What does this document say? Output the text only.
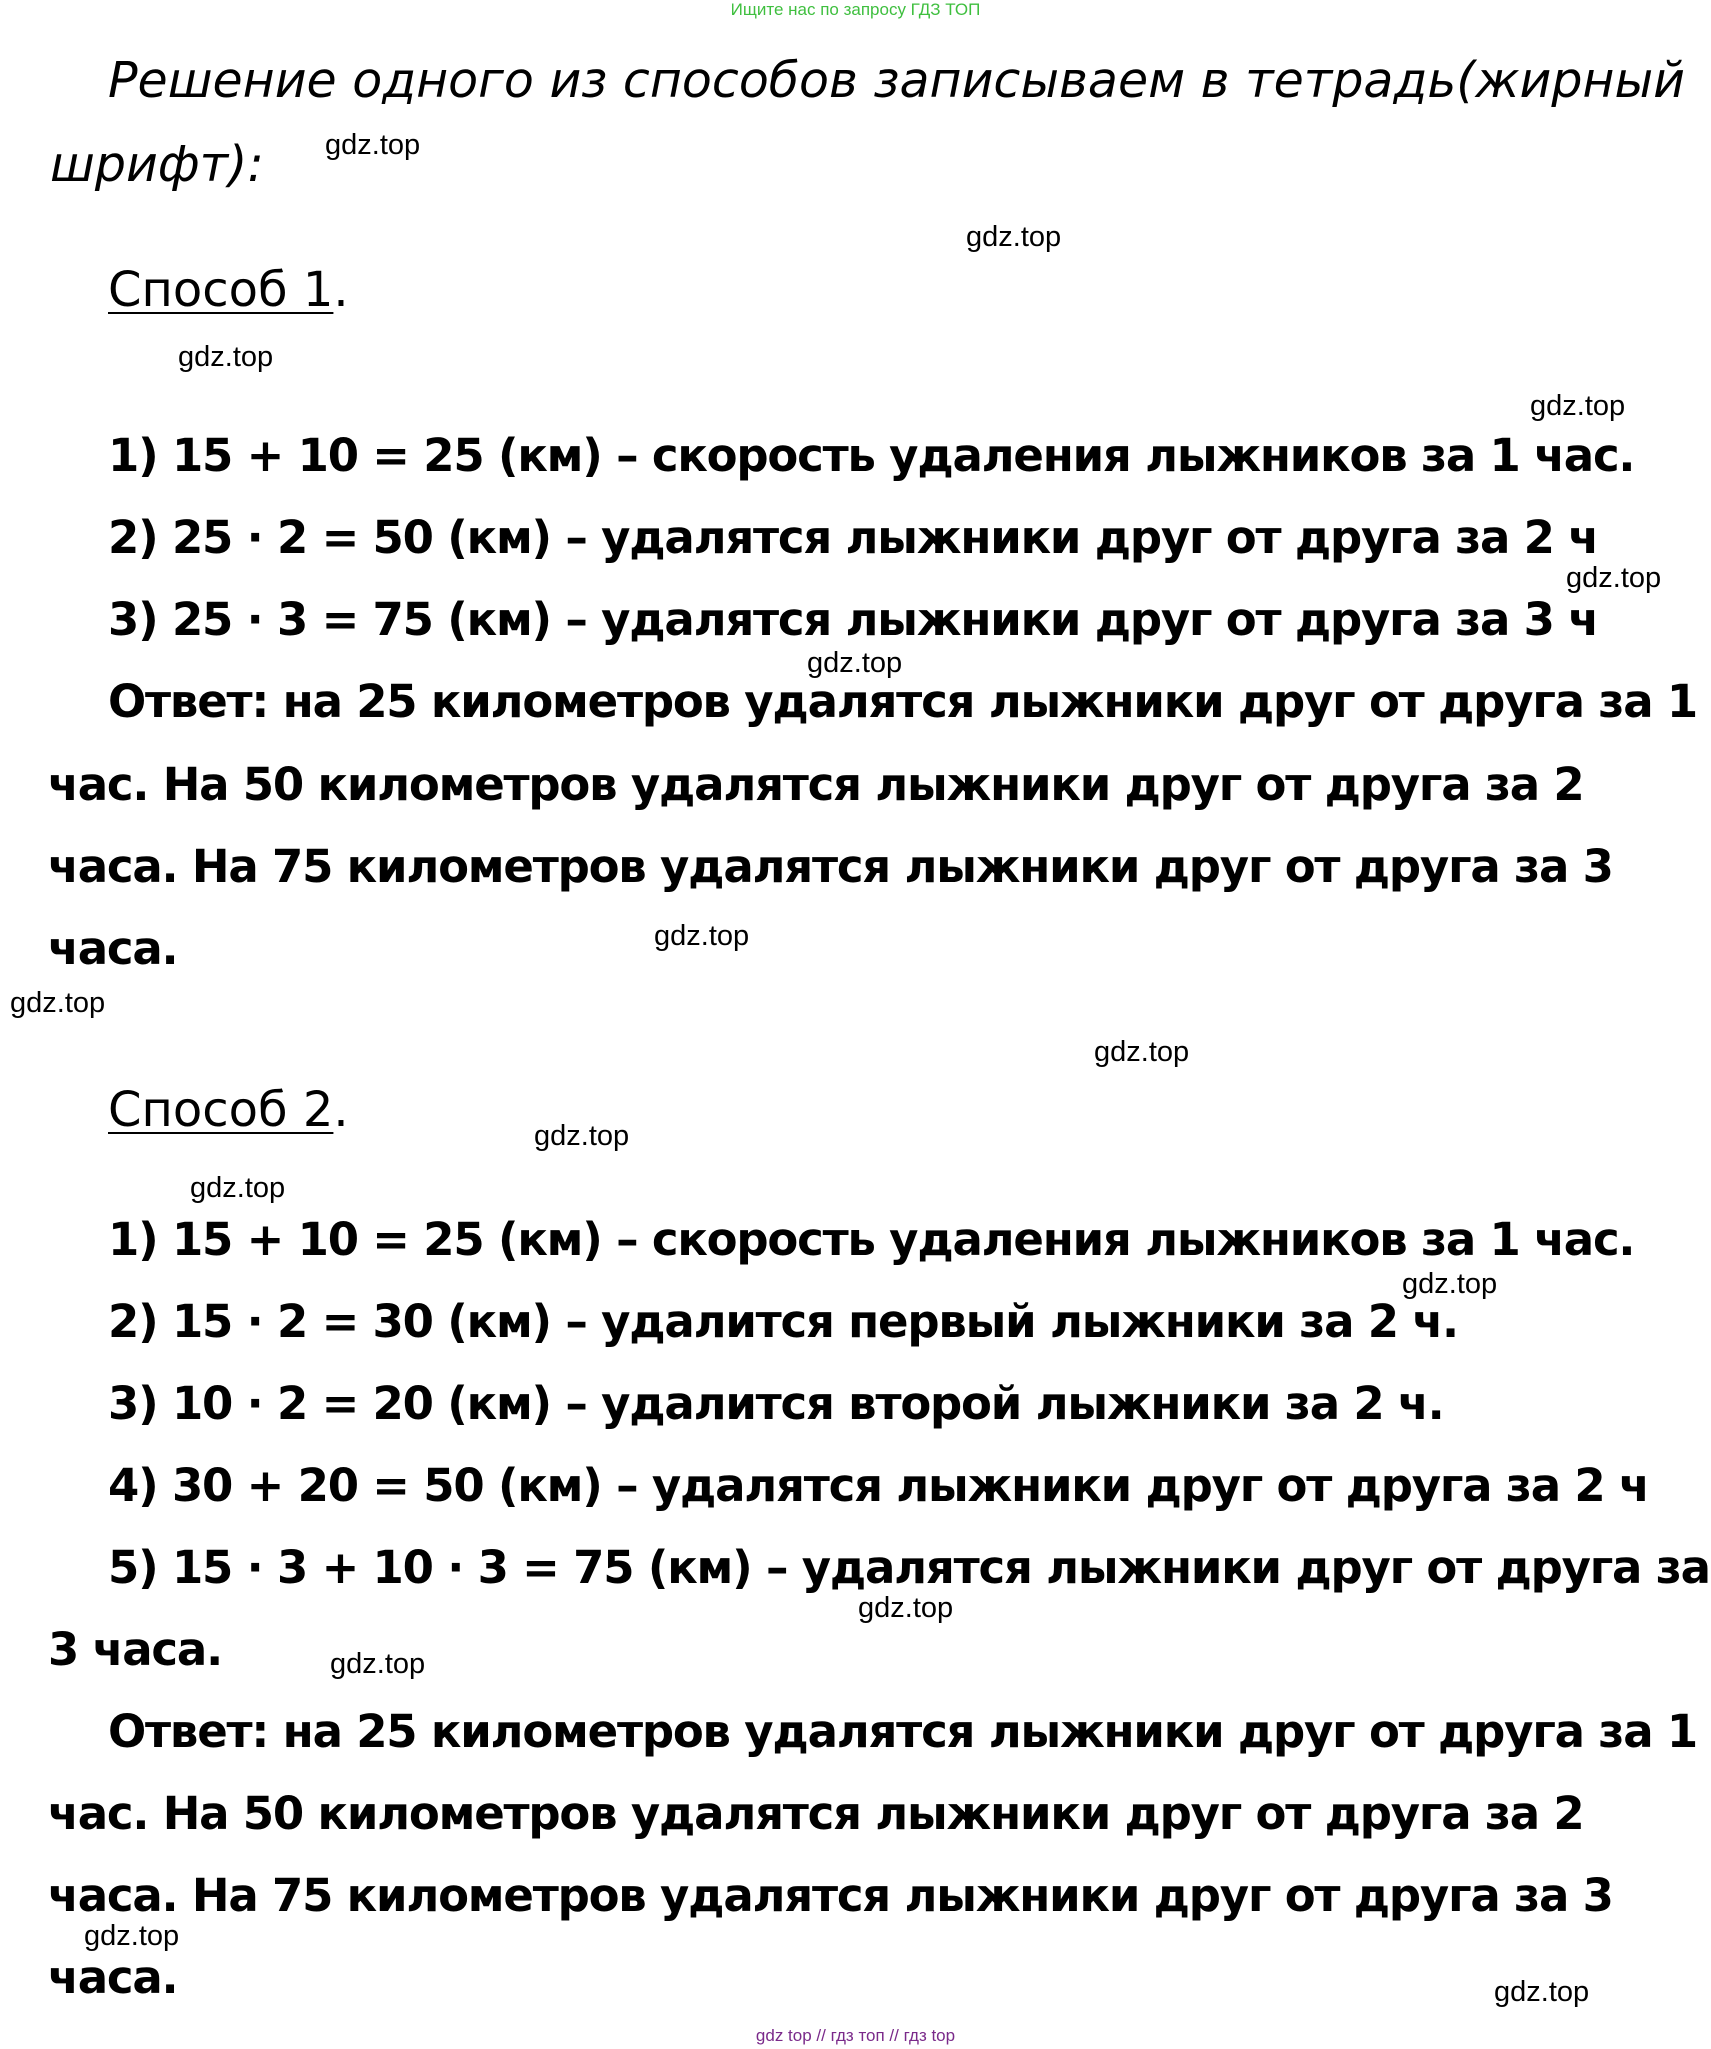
Ищите нас по запросу ГДЗ ТОП
Решение одного из способов записываем в тетрадь(жирный
шрифт):
Способ 1.
1) 15 + 10 = 25 (км) – скорость удаления лыжников за 1 час.
2) 25 · 2 = 50 (км) – удалятся лыжники друг от друга за 2 ч
3) 25 · 3 = 75 (км) – удалятся лыжники друг от друга за 3 ч
Ответ: на 25 километров удалятся лыжники друг от друга за 1
час. На 50 километров удалятся лыжники друг от друга за 2
часа. На 75 километров удалятся лыжники друг от друга за 3
часа.
Способ 2.
1) 15 + 10 = 25 (км) – скорость удаления лыжников за 1 час.
2) 15 · 2 = 30 (км) – удалится первый лыжники за 2 ч.
3) 10 · 2 = 20 (км) – удалится второй лыжники за 2 ч.
4) 30 + 20 = 50 (км) – удалятся лыжники друг от друга за 2 ч
5) 15 · 3 + 10 · 3 = 75 (км) – удалятся лыжники друг от друга за
3 часа.
Ответ: на 25 километров удалятся лыжники друг от друга за 1
час. На 50 километров удалятся лыжники друг от друга за 2
часа. На 75 километров удалятся лыжники друг от друга за 3
часа.
gdz.top
gdz.top
gdz.top
gdz.top
gdz.top
gdz.top
gdz.top
gdz.top
gdz.top
gdz.top
gdz.top
gdz.top
gdz.top
gdz.top
gdz.top
gdz.top
gdz top // гдз топ // гдз top
